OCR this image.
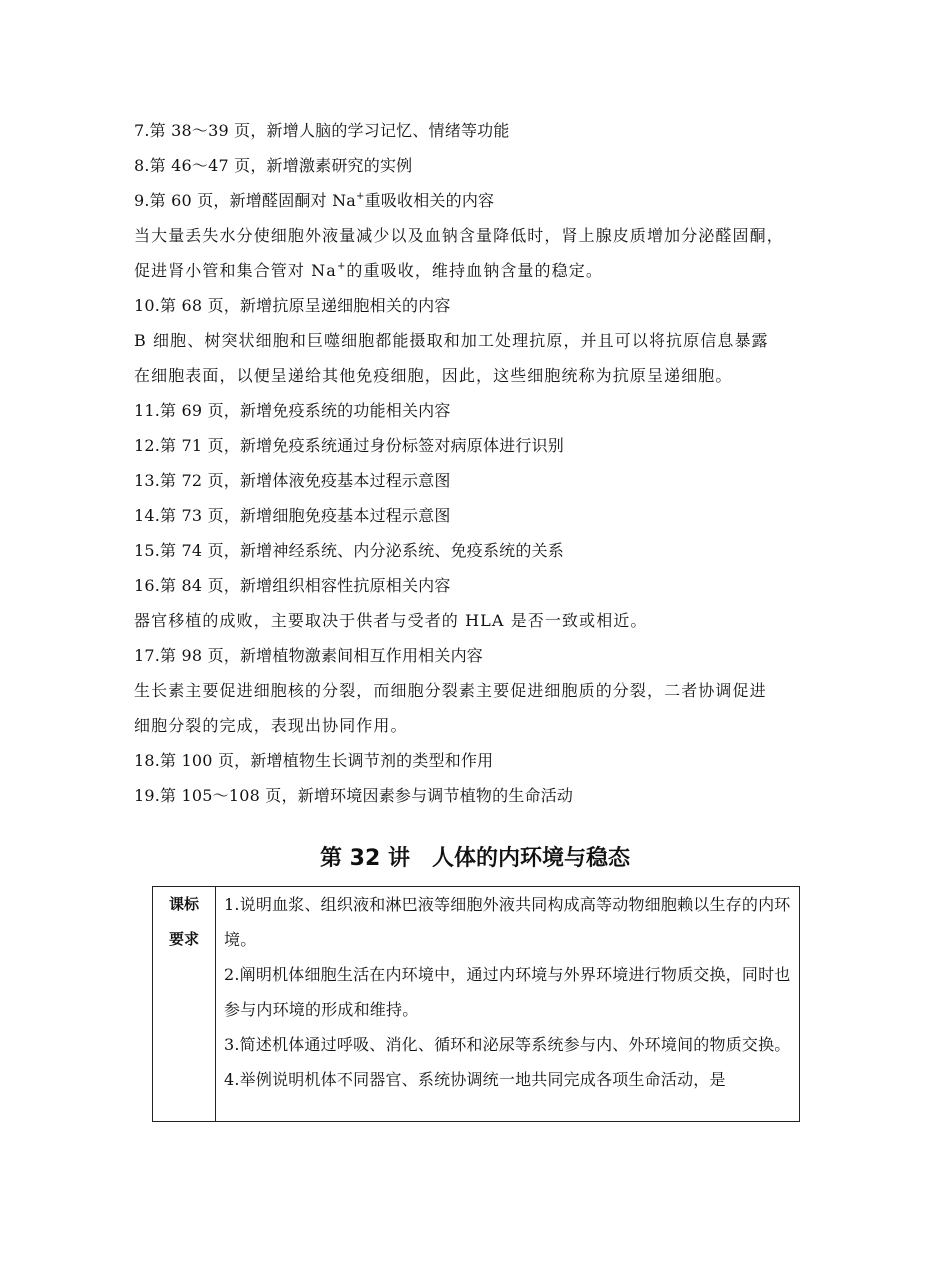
7.第 38～39 页，新增人脑的学习记忆、情绪等功能
8.第 46～47 页，新增激素研究的实例
9.第 60 页，新增醛固酮对 Na+重吸收相关的内容
当大量丢失水分使细胞外液量减少以及血钠含量降低时，肾上腺皮质增加分泌醛固酮，
促进肾小管和集合管对 Na+的重吸收，维持血钠含量的稳定。
10.第 68 页，新增抗原呈递细胞相关的内容
B 细胞、树突状细胞和巨噬细胞都能摄取和加工处理抗原，并且可以将抗原信息暴露
在细胞表面，以便呈递给其他免疫细胞，因此，这些细胞统称为抗原呈递细胞。
11.第 69 页，新增免疫系统的功能相关内容
12.第 71 页，新增免疫系统通过身份标签对病原体进行识别
13.第 72 页，新增体液免疫基本过程示意图
14.第 73 页，新增细胞免疫基本过程示意图
15.第 74 页，新增神经系统、内分泌系统、免疫系统的关系
16.第 84 页，新增组织相容性抗原相关内容
器官移植的成败，主要取决于供者与受者的 HLA 是否一致或相近。
17.第 98 页，新增植物激素间相互作用相关内容
生长素主要促进细胞核的分裂，而细胞分裂素主要促进细胞质的分裂，二者协调促进
细胞分裂的完成，表现出协同作用。
18.第 100 页，新增植物生长调节剂的类型和作用
19.第 105～108 页，新增环境因素参与调节植物的生命活动
第 32 讲 人体的内环境与稳态
课标
要求

1.说明血浆、组织液和淋巴液等细胞外液共同构成高等动物细胞赖以生存的内环境。

2.阐明机体细胞生活在内环境中，通过内环境与外界环境进行物质交换，同时也参与内环境的形成和维持。

3.简述机体通过呼吸、消化、循环和泌尿等系统参与内、外环境间的物质交换。

4.举例说明机体不同器官、系统协调统一地共同完成各项生命活动，是
